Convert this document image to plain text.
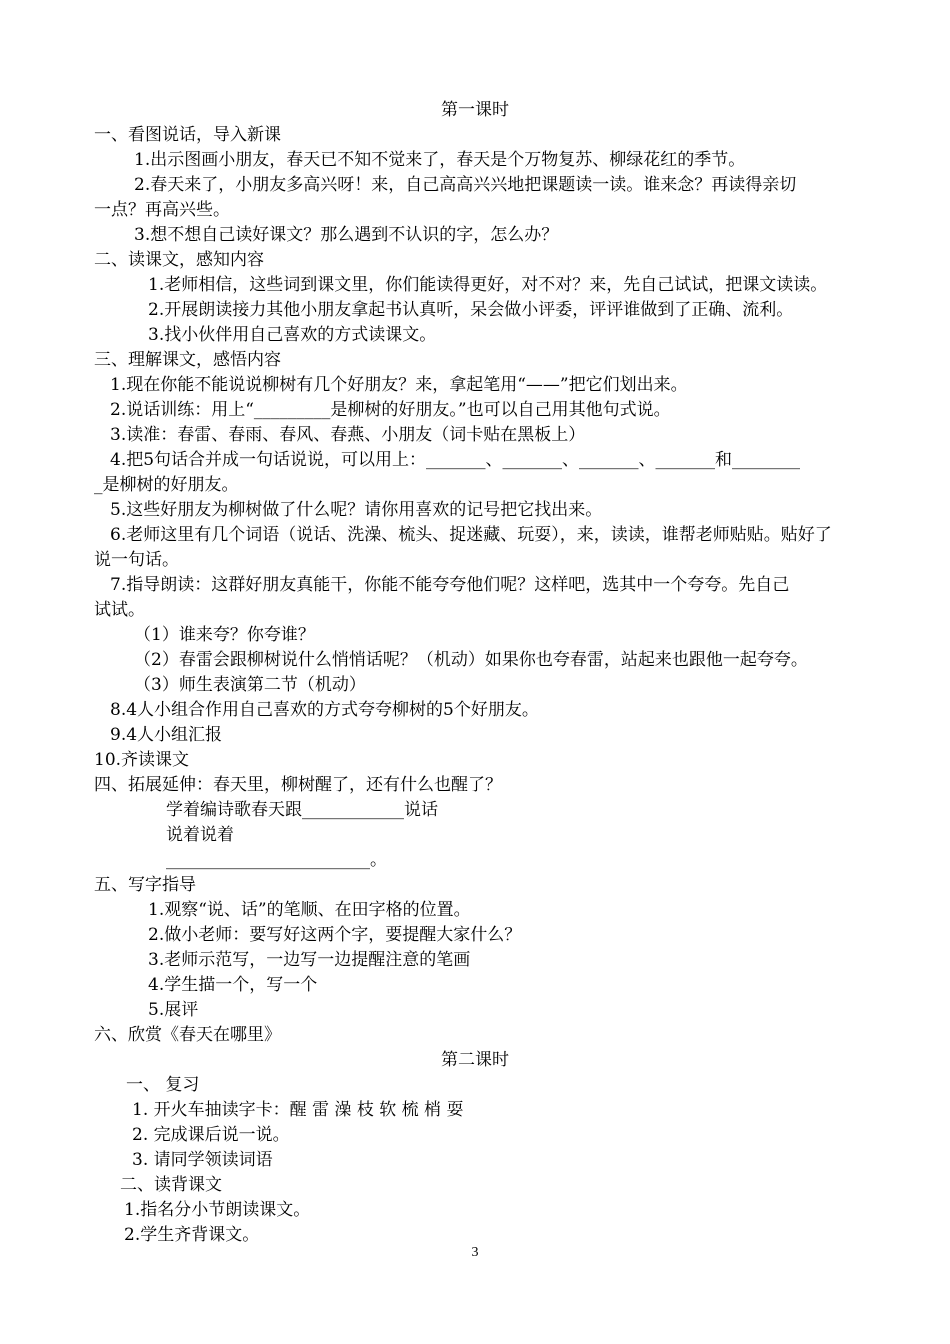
第一课时
一、看图说话，导入新课
1.出示图画小朋友，春天已不知不觉来了，春天是个万物复苏、柳绿花红的季节。
2.春天来了，小朋友多高兴呀！来，自己高高兴兴地把课题读一读。谁来念？再读得亲切
一点？再高兴些。
3.想不想自己读好课文？那么遇到不认识的字，怎么办？
二、读课文，感知内容
1.老师相信，这些词到课文里，你们能读得更好，对不对？来，先自己试试，把课文读读。
2.开展朗读接力其他小朋友拿起书认真听，呆会做小评委，评评谁做到了正确、流利。
3.找小伙伴用自己喜欢的方式读课文。
三、理解课文，感悟内容
1.现在你能不能说说柳树有几个好朋友？来，拿起笔用“——”把它们划出来。
2.说话训练：用上“_________是柳树的好朋友。”也可以自己用其他句式说。
3.读准：春雷、春雨、春风、春燕、小朋友（词卡贴在黑板上）
4.把5句话合并成一句话说说，可以用上：_______、_______、_______、_______和________
_是柳树的好朋友。
5.这些好朋友为柳树做了什么呢？请你用喜欢的记号把它找出来。
6.老师这里有几个词语（说话、洗澡、梳头、捉迷藏、玩耍），来，读读，谁帮老师贴贴。贴好了
说一句话。
7.指导朗读：这群好朋友真能干，你能不能夸夸他们呢？这样吧，选其中一个夸夸。先自己
试试。
（1）谁来夸？你夸谁？
（2）春雷会跟柳树说什么悄悄话呢？（机动）如果你也夸春雷，站起来也跟他一起夸夸。
（3）师生表演第二节（机动）
8.4人小组合作用自己喜欢的方式夸夸柳树的5个好朋友。
9.4人小组汇报
10.齐读课文
四、拓展延伸：春天里，柳树醒了，还有什么也醒了？
学着编诗歌春天跟____________说话
说着说着
________________________。
五、写字指导
1.观察“说、话”的笔顺、在田字格的位置。
2.做小老师：要写好这两个字，要提醒大家什么？
3.老师示范写，一边写一边提醒注意的笔画
4.学生描一个，写一个
5.展评
六、欣赏《春天在哪里》
第二课时
一、 复习
1. 开火车抽读字卡：醒 雷 澡 枝 软 梳 梢 耍
2. 完成课后说一说。
3. 请同学领读词语
二、读背课文
1.指名分小节朗读课文。
2.学生齐背课文。
3
